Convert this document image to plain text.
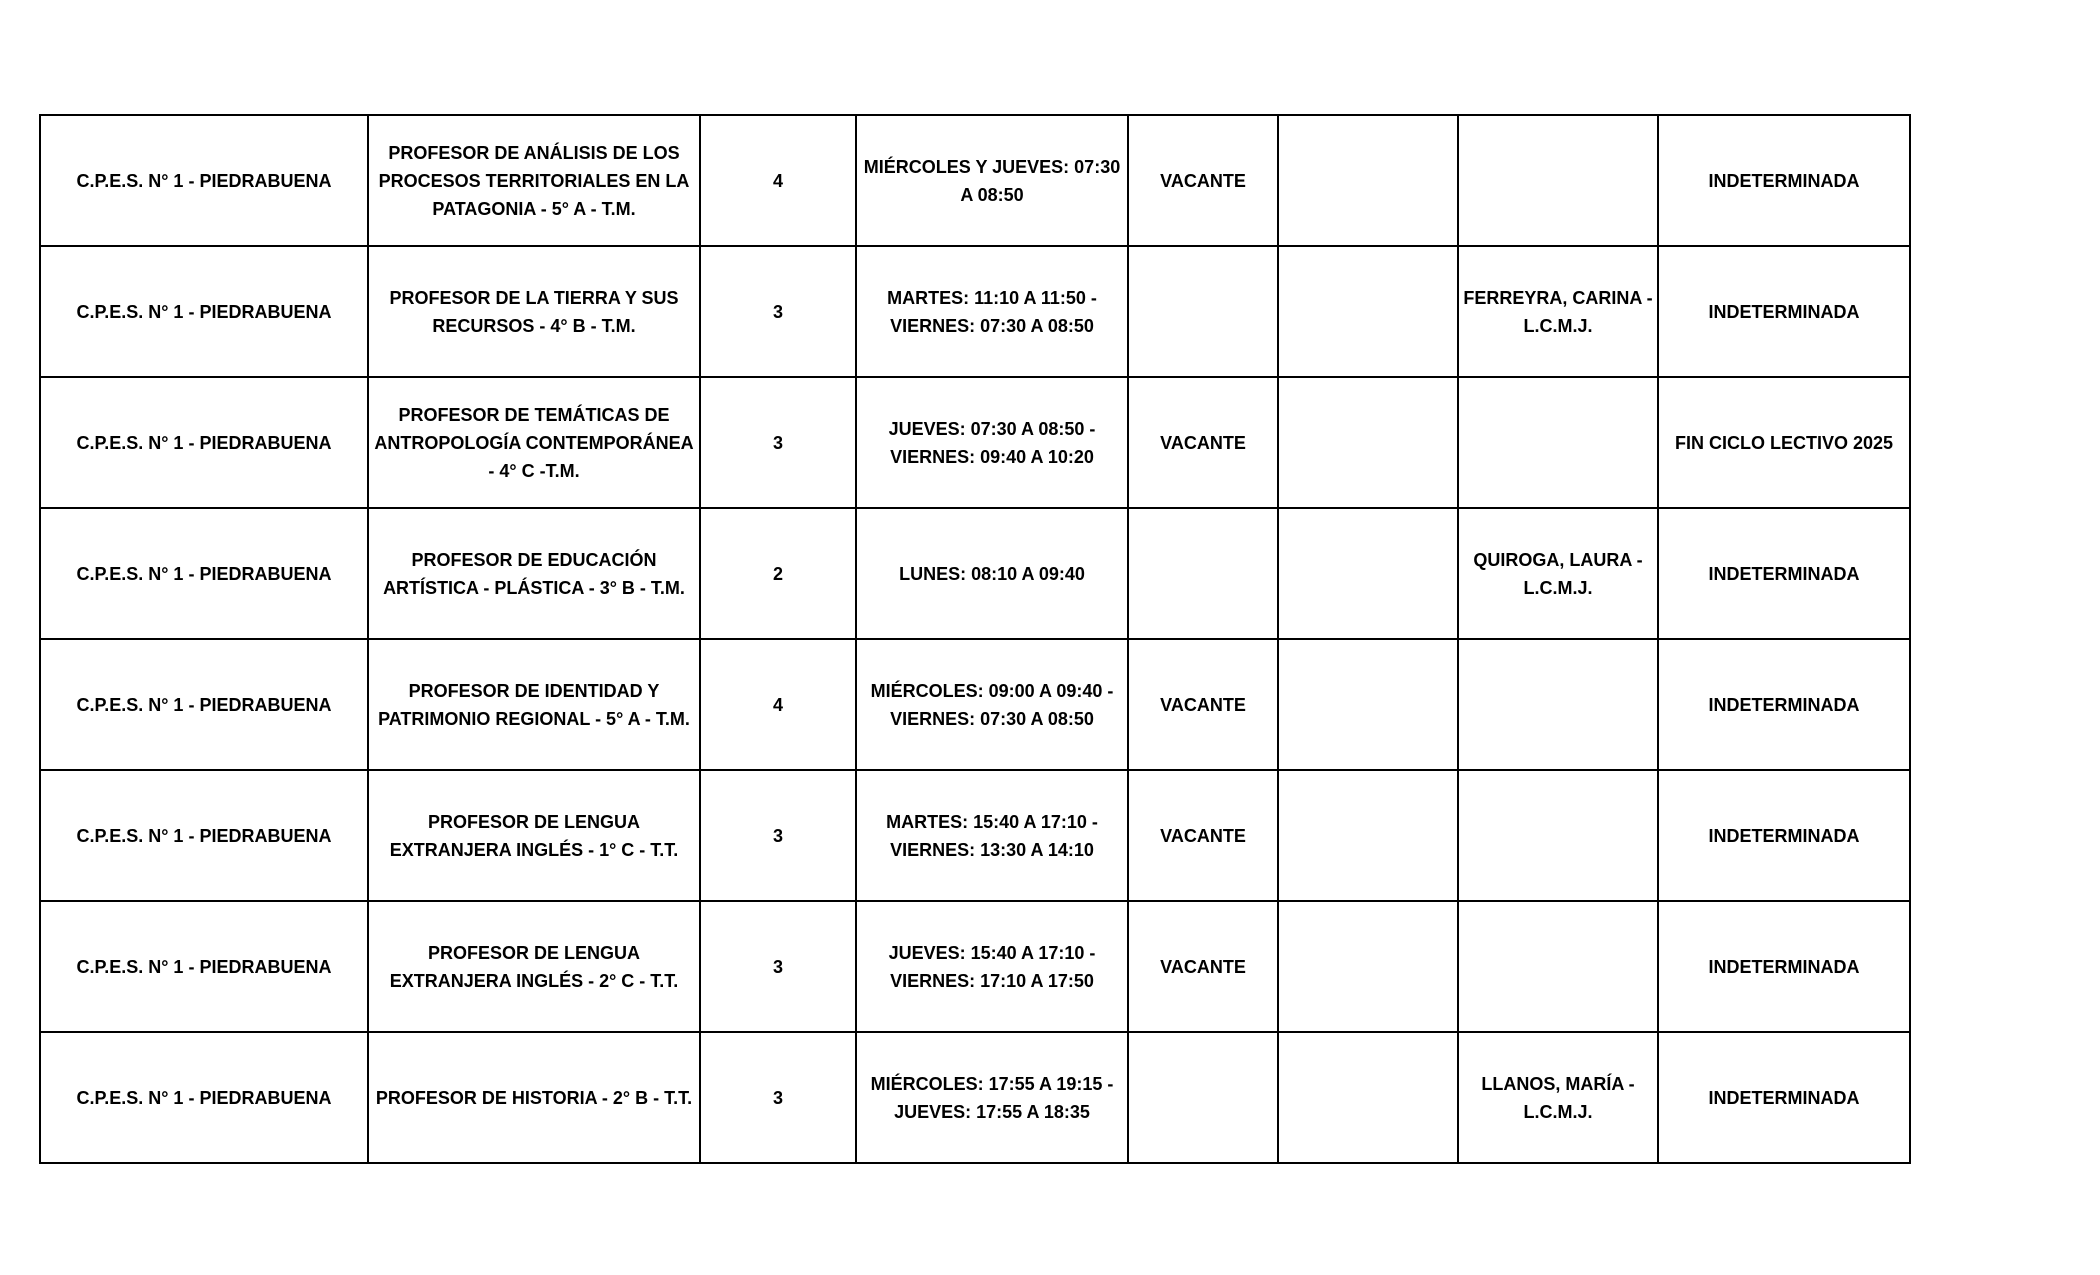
C.P.E.S. N° 1 - PIEDRABUENA	PROFESOR DE ANÁLISIS DE LOS PROCESOS TERRITORIALES EN LA PATAGONIA - 5° A - T.M.	4	MIÉRCOLES Y JUEVES: 07:30 A 08:50	VACANTE			INDETERMINADA
C.P.E.S. N° 1 - PIEDRABUENA	PROFESOR DE LA TIERRA Y SUS RECURSOS - 4° B - T.M.	3	MARTES: 11:10 A 11:50 - VIERNES: 07:30 A 08:50			FERREYRA, CARINA - L.C.M.J.	INDETERMINADA
C.P.E.S. N° 1 - PIEDRABUENA	PROFESOR DE TEMÁTICAS DE ANTROPOLOGÍA CONTEMPORÁNEA - 4° C -T.M.	3	JUEVES: 07:30 A 08:50 - VIERNES: 09:40 A 10:20	VACANTE			FIN CICLO LECTIVO 2025
C.P.E.S. N° 1 - PIEDRABUENA	PROFESOR DE EDUCACIÓN ARTÍSTICA - PLÁSTICA - 3° B - T.M.	2	LUNES: 08:10 A 09:40			QUIROGA, LAURA - L.C.M.J.	INDETERMINADA
C.P.E.S. N° 1 - PIEDRABUENA	PROFESOR DE IDENTIDAD Y PATRIMONIO REGIONAL - 5° A - T.M.	4	MIÉRCOLES: 09:00 A 09:40 - VIERNES: 07:30 A 08:50	VACANTE			INDETERMINADA
C.P.E.S. N° 1 - PIEDRABUENA	PROFESOR DE LENGUA EXTRANJERA INGLÉS - 1° C - T.T.	3	MARTES: 15:40 A 17:10 - VIERNES: 13:30 A 14:10	VACANTE			INDETERMINADA
C.P.E.S. N° 1 - PIEDRABUENA	PROFESOR DE LENGUA EXTRANJERA INGLÉS - 2° C - T.T.	3	JUEVES: 15:40 A 17:10 - VIERNES: 17:10 A 17:50	VACANTE			INDETERMINADA
C.P.E.S. N° 1 - PIEDRABUENA	PROFESOR DE HISTORIA - 2° B - T.T.	3	MIÉRCOLES: 17:55 A 19:15 - JUEVES: 17:55 A 18:35			LLANOS, MARÍA - L.C.M.J.	INDETERMINADA
